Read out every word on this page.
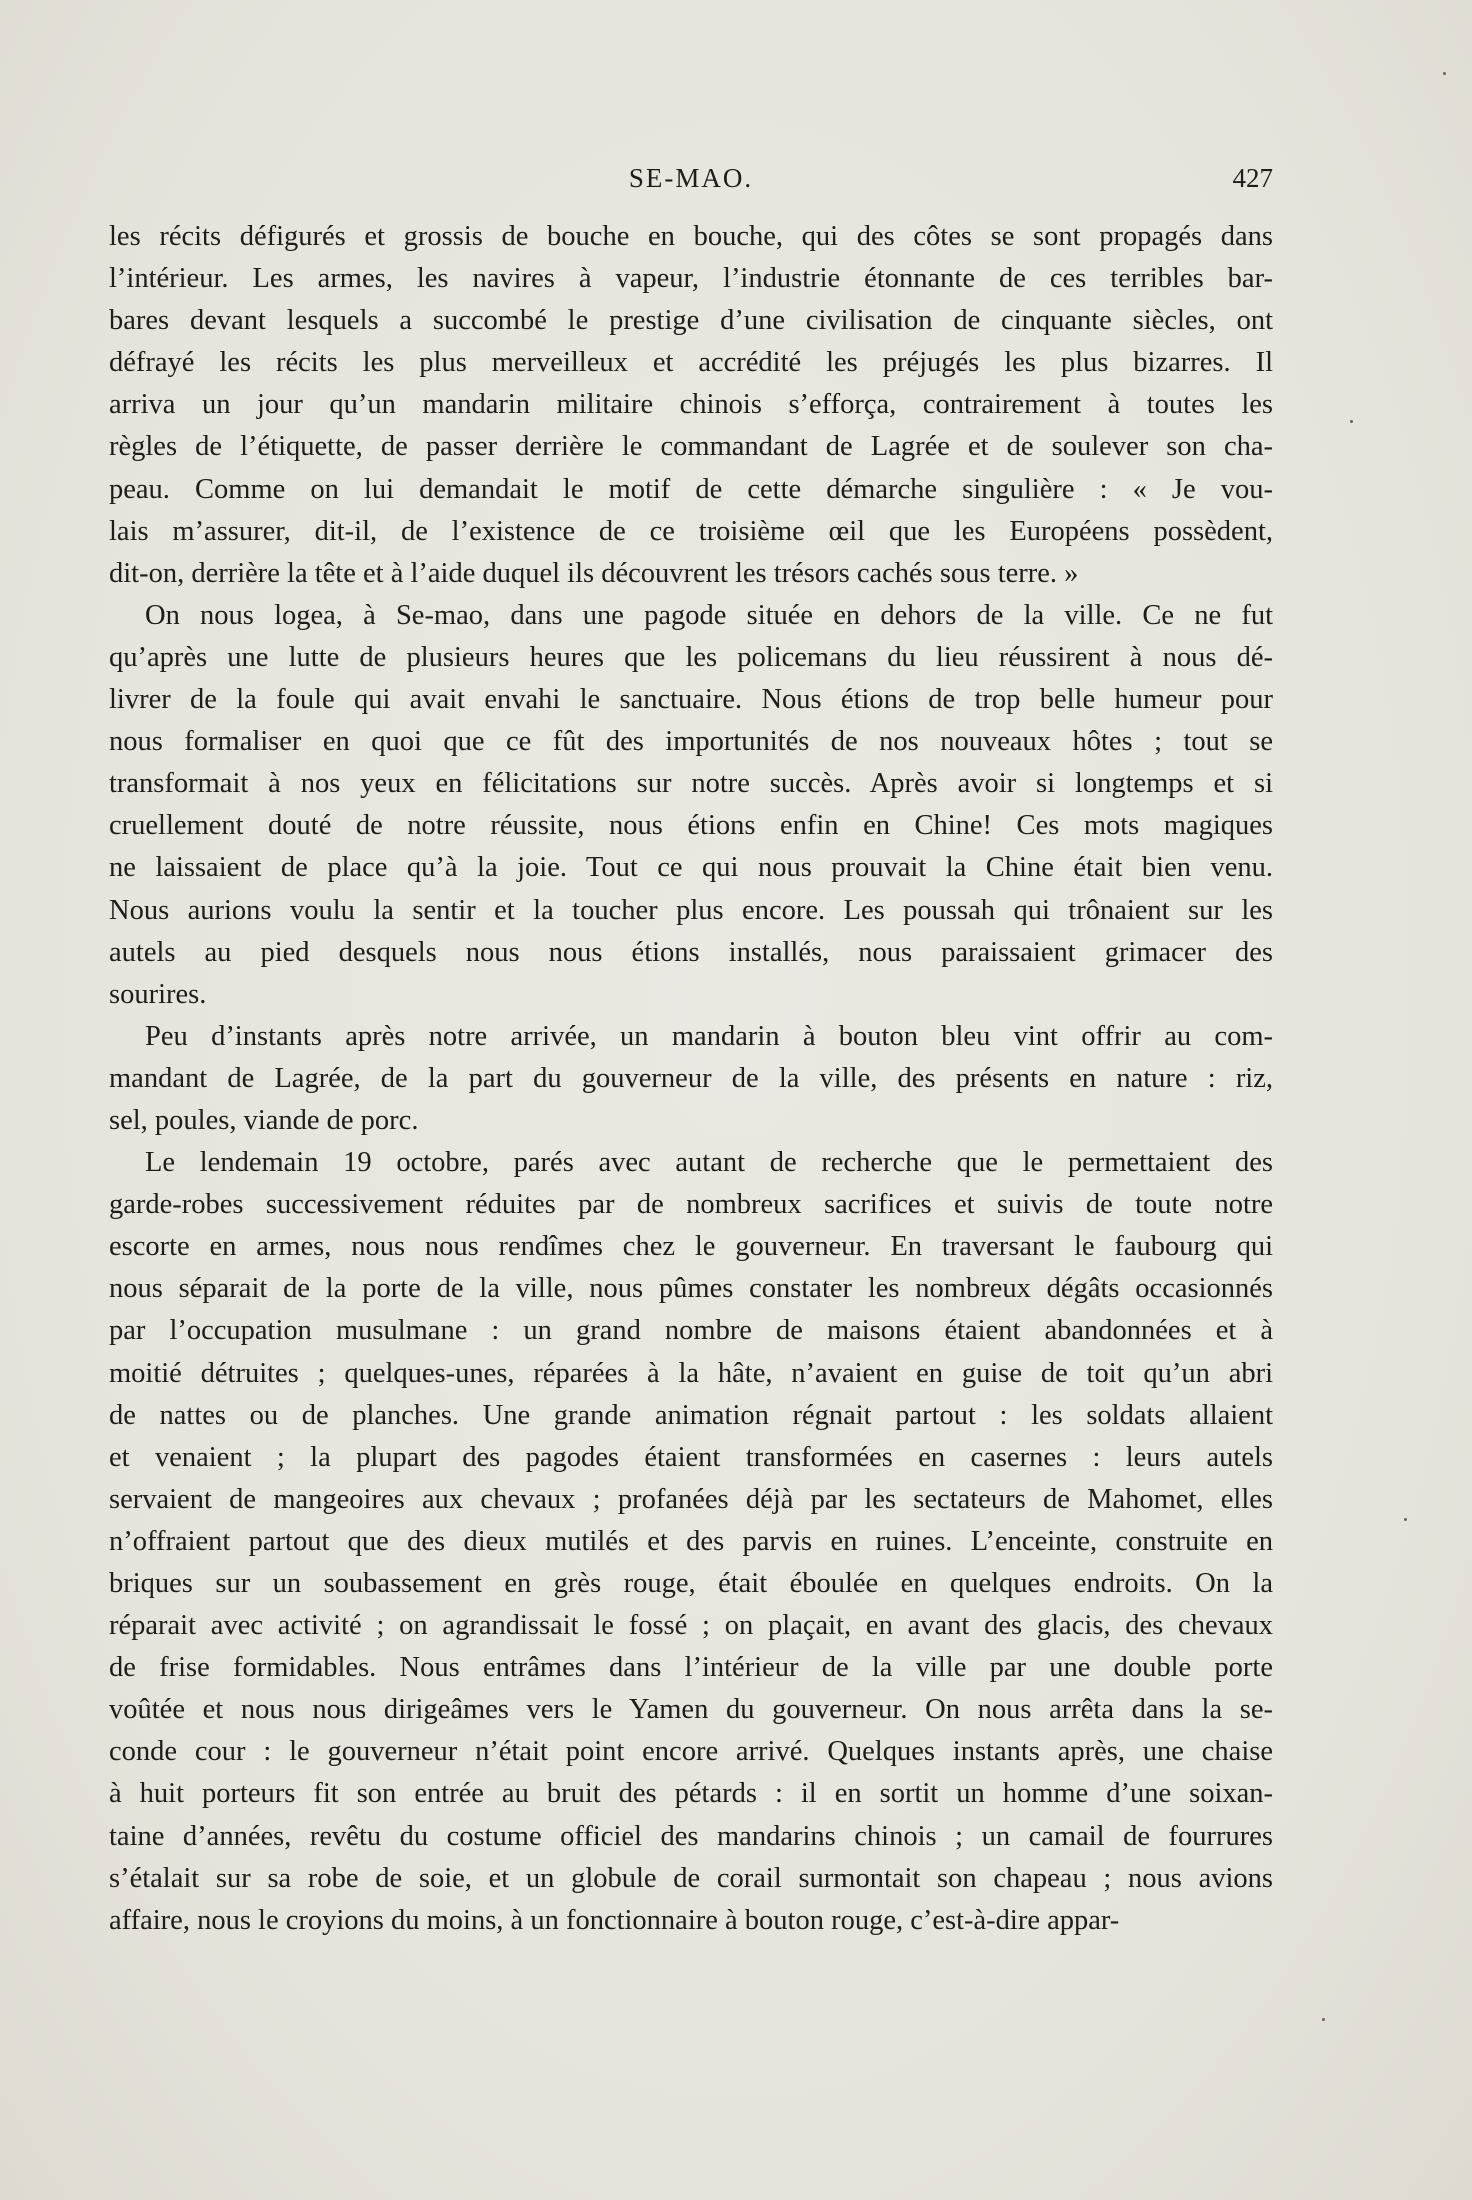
SE-MAO.	427
les récits défigurés et grossis de bouche en bouche, qui des côtes se sont propagés dans
l’intérieur. Les armes, les navires à vapeur, l’industrie étonnante de ces terribles bar-
bares devant lesquels a succombé le prestige d’une civilisation de cinquante siècles, ont
défrayé les récits les plus merveilleux et accrédité les préjugés les plus bizarres. Il
arriva un jour qu’un mandarin militaire chinois s’efforça, contrairement à toutes les
règles de l’étiquette, de passer derrière le commandant de Lagrée et de soulever son cha-
peau. Comme on lui demandait le motif de cette démarche singulière : « Je vou-
lais m’assurer, dit-il, de l’existence de ce troisième œil que les Européens possèdent,
dit-on, derrière la tête et à l’aide duquel ils découvrent les trésors cachés sous terre. »
On nous logea, à Se-mao, dans une pagode située en dehors de la ville. Ce ne fut
qu’après une lutte de plusieurs heures que les policemans du lieu réussirent à nous dé-
livrer de la foule qui avait envahi le sanctuaire. Nous étions de trop belle humeur pour
nous formaliser en quoi que ce fût des importunités de nos nouveaux hôtes ; tout se
transformait à nos yeux en félicitations sur notre succès. Après avoir si longtemps et si
cruellement douté de notre réussite, nous étions enfin en Chine! Ces mots magiques
ne laissaient de place qu’à la joie. Tout ce qui nous prouvait la Chine était bien venu.
Nous aurions voulu la sentir et la toucher plus encore. Les poussah qui trônaient sur les
autels au pied desquels nous nous étions installés, nous paraissaient grimacer des
sourires.
Peu d’instants après notre arrivée, un mandarin à bouton bleu vint offrir au com-
mandant de Lagrée, de la part du gouverneur de la ville, des présents en nature : riz,
sel, poules, viande de porc.
Le lendemain 19 octobre, parés avec autant de recherche que le permettaient des
garde-robes successivement réduites par de nombreux sacrifices et suivis de toute notre
escorte en armes, nous nous rendîmes chez le gouverneur. En traversant le faubourg qui
nous séparait de la porte de la ville, nous pûmes constater les nombreux dégâts occasionnés
par l’occupation musulmane : un grand nombre de maisons étaient abandonnées et à
moitié détruites ; quelques-unes, réparées à la hâte, n’avaient en guise de toit qu’un abri
de nattes ou de planches. Une grande animation régnait partout : les soldats allaient
et venaient ; la plupart des pagodes étaient transformées en casernes : leurs autels
servaient de mangeoires aux chevaux ; profanées déjà par les sectateurs de Mahomet, elles
n’offraient partout que des dieux mutilés et des parvis en ruines. L’enceinte, construite en
briques sur un soubassement en grès rouge, était éboulée en quelques endroits. On la
réparait avec activité ; on agrandissait le fossé ; on plaçait, en avant des glacis, des chevaux
de frise formidables. Nous entrâmes dans l’intérieur de la ville par une double porte
voûtée et nous nous dirigeâmes vers le Yamen du gouverneur. On nous arrêta dans la se-
conde cour : le gouverneur n’était point encore arrivé. Quelques instants après, une chaise
à huit porteurs fit son entrée au bruit des pétards : il en sortit un homme d’une soixan-
taine d’années, revêtu du costume officiel des mandarins chinois ; un camail de fourrures
s’étalait sur sa robe de soie, et un globule de corail surmontait son chapeau ; nous avions
affaire, nous le croyions du moins, à un fonctionnaire à bouton rouge, c’est-à-dire appar-
